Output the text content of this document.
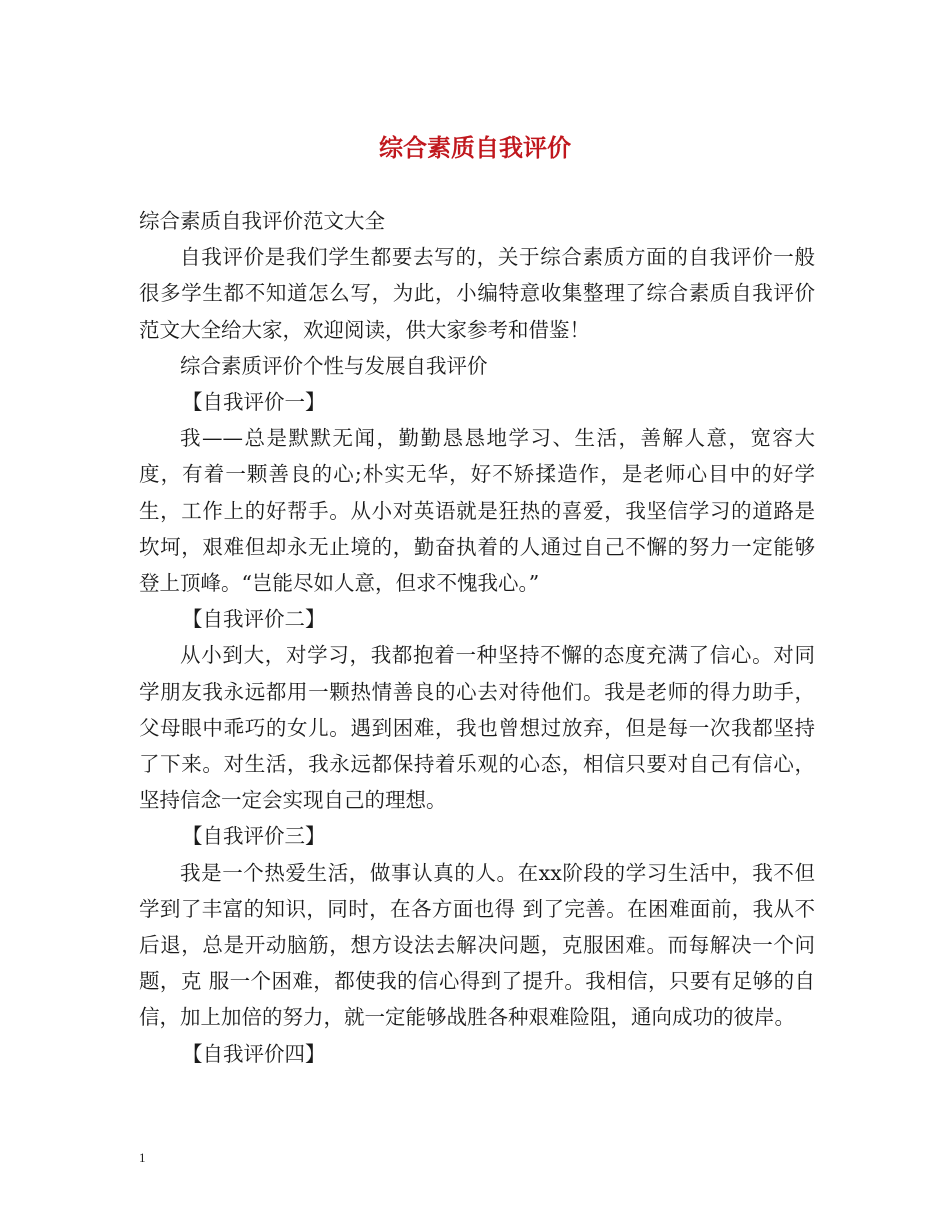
综合素质自我评价

综合素质自我评价范文大全

自我评价是我们学生都要去写的，关于综合素质方面的自我评价一般很多学生都不知道怎么写，为此，小编特意收集整理了综合素质自我评价范文大全给大家，欢迎阅读，供大家参考和借鉴！

综合素质评价个性与发展自我评价

【自我评价一】

我——总是默默无闻，勤勤恳恳地学习、生活，善解人意，宽容大度，有着一颗善良的心;朴实无华，好不矫揉造作，是老师心目中的好学生，工作上的好帮手。从小对英语就是狂热的喜爱，我坚信学习的道路是坎坷，艰难但却永无止境的，勤奋执着的人通过自己不懈的努力一定能够登上顶峰。“岂能尽如人意，但求不愧我心。”

【自我评价二】

从小到大，对学习，我都抱着一种坚持不懈的态度充满了信心。对同学朋友我永远都用一颗热情善良的心去对待他们。我是老师的得力助手，父母眼中乖巧的女儿。遇到困难，我也曾想过放弃，但是每一次我都坚持了下来。对生活，我永远都保持着乐观的心态，相信只要对自己有信心，坚持信念一定会实现自己的理想。

【自我评价三】

我是一个热爱生活，做事认真的人。在xx阶段的学习生活中，我不但学到了丰富的知识，同时，在各方面也得 到了完善。在困难面前，我从不后退，总是开动脑筋，想方设法去解决问题，克服困难。而每解决一个问题，克 服一个困难，都使我的信心得到了提升。我相信，只要有足够的自信，加上加倍的努力，就一定能够战胜各种艰难险阻，通向成功的彼岸。

【自我评价四】

1
